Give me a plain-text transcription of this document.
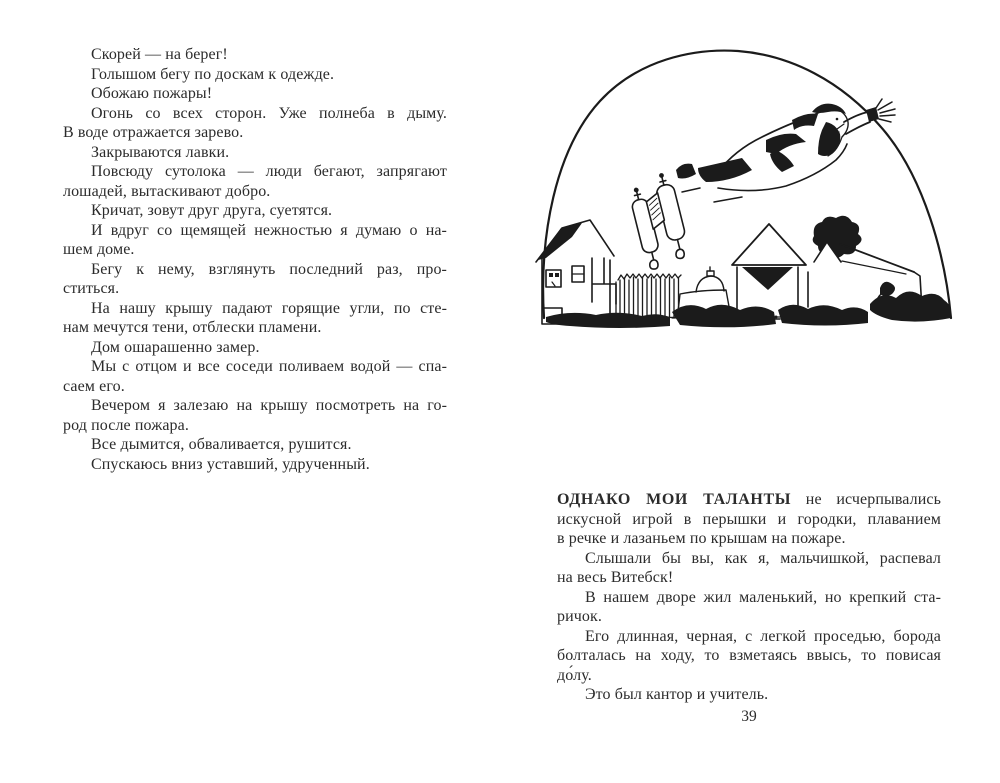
Скорей — на берег!
Голышом бегу по доскам к одежде.
Обожаю пожары!
Огонь со всех сторон. Уже полнеба в дыму.
В воде отражается зарево.
Закрываются лавки.
Повсюду сутолока — люди бегают, запрягают
лошадей, вытаскивают добро.
Кричат, зовут друг друга, суетятся.
И вдруг со щемящей нежностью я думаю о на-
шем доме.
Бегу к нему, взглянуть последний раз, про-
ститься.
На нашу крышу падают горящие угли, по сте-
нам мечутся тени, отблески пламени.
Дом ошарашенно замер.
Мы с отцом и все соседи поливаем водой — спа-
саем его.
Вечером я залезаю на крышу посмотреть на го-
род после пожара.
Все дымится, обваливается, рушится.
Спускаюсь вниз уставший, удрученный.
ОДНАКО МОИ ТАЛАНТЫ не исчерпывались
искусной игрой в перышки и городки, плаванием
в речке и лазаньем по крышам на пожаре.
Слышали бы вы, как я, мальчишкой, распевал
на весь Витебск!
В нашем дворе жил маленький, но крепкий ста-
ричок.
Его длинная, черная, с легкой проседью, борода
болталась на ходу, то взметаясь ввысь, то повисая
до́лу.
Это был кантор и учитель.
39
